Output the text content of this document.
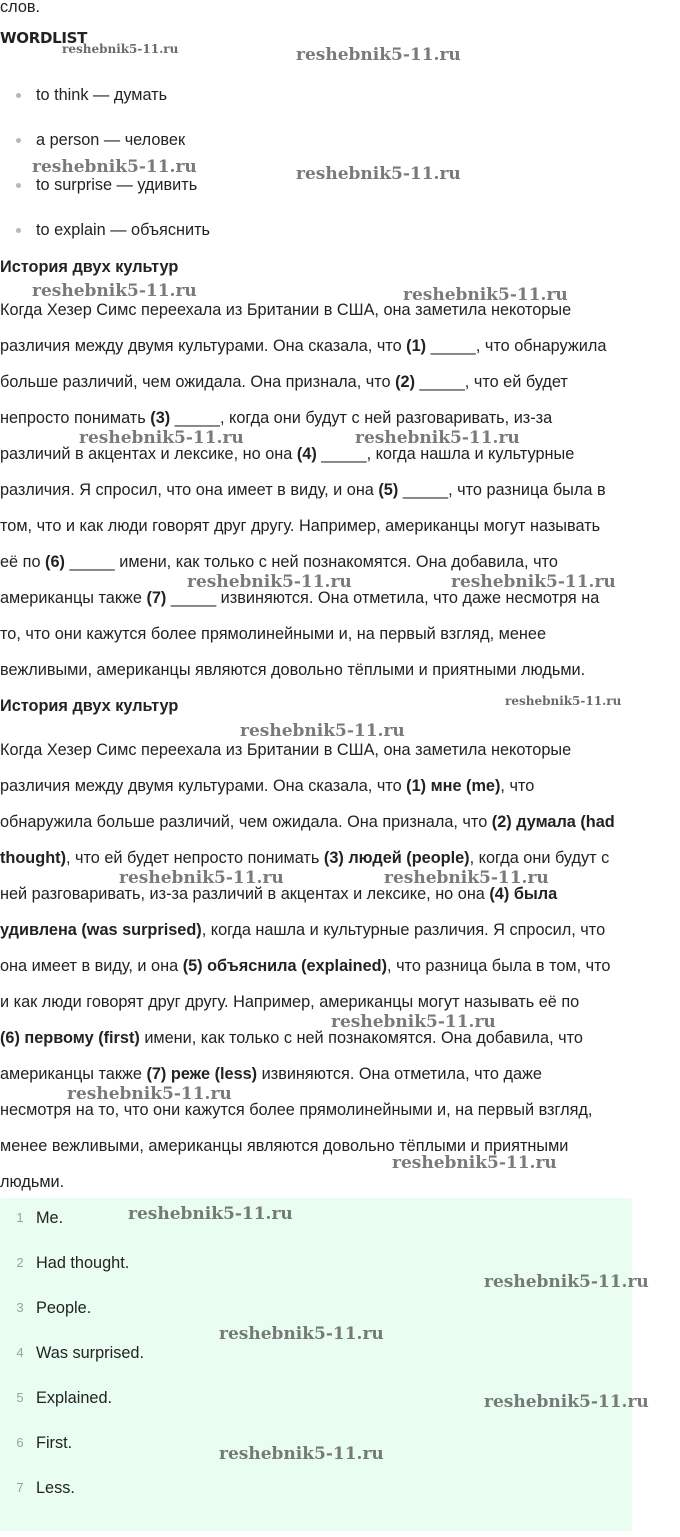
слов.

WORDLIST
to think — думать
a person — человек
to surprise — удивить
to explain — объяснить
История двух культур

Когда Хезер Симс переехала из Британии в США, она заметила некоторые

различия между двумя культурами. Она сказала, что (1) _____, что обнаружила

больше различий, чем ожидала. Она признала, что (2) _____, что ей будет

непросто понимать (3) _____, когда они будут с ней разговаривать, из-за

различий в акцентах и лексике, но она (4) _____, когда нашла и культурные

различия. Я спросил, что она имеет в виду, и она (5) _____, что разница была в

том, что и как люди говорят друг другу. Например, американцы могут называть

её по (6) _____ имени, как только с ней познакомятся. Она добавила, что

американцы также (7) _____ извиняются. Она отметила, что даже несмотря на

то, что они кажутся более прямолинейными и, на первый взгляд, менее

вежливыми, американцы являются довольно тёплыми и приятными людьми.

История двух культур

Когда Хезер Симс переехала из Британии в США, она заметила некоторые

различия между двумя культурами. Она сказала, что (1) мне (me), что

обнаружила больше различий, чем ожидала. Она признала, что (2) думала (had

thought), что ей будет непросто понимать (3) людей (people), когда они будут с

ней разговаривать, из-за различий в акцентах и лексике, но она (4) была

удивлена (was surprised), когда нашла и культурные различия. Я спросил, что

она имеет в виду, и она (5) объяснила (explained), что разница была в том, что

и как люди говорят друг другу. Например, американцы могут называть её по

(6) первому (first) имени, как только с ней познакомятся. Она добавила, что

американцы также (7) реже (less) извиняются. Она отметила, что даже

несмотря на то, что они кажутся более прямолинейными и, на первый взгляд,

менее вежливыми, американцы являются довольно тёплыми и приятными

людьми.

1 Me.
2 Had thought.
3 People.
4 Was surprised.
5 Explained.
6 First.
7 Less.
reshebnik5-11.ru	reshebnik5-11.ru
reshebnik5-11.ru	reshebnik5-11.ru
reshebnik5-11.ru	reshebnik5-11.ru
reshebnik5-11.ru	reshebnik5-11.ru
reshebnik5-11.ru	reshebnik5-11.ru
reshebnik5-11.ru
reshebnik5-11.ru
reshebnik5-11.ru	reshebnik5-11.ru
reshebnik5-11.ru
reshebnik5-11.ru
reshebnik5-11.ru
reshebnik5-11.ru
reshebnik5-11.ru
reshebnik5-11.ru
reshebnik5-11.ru
reshebnik5-11.ru
